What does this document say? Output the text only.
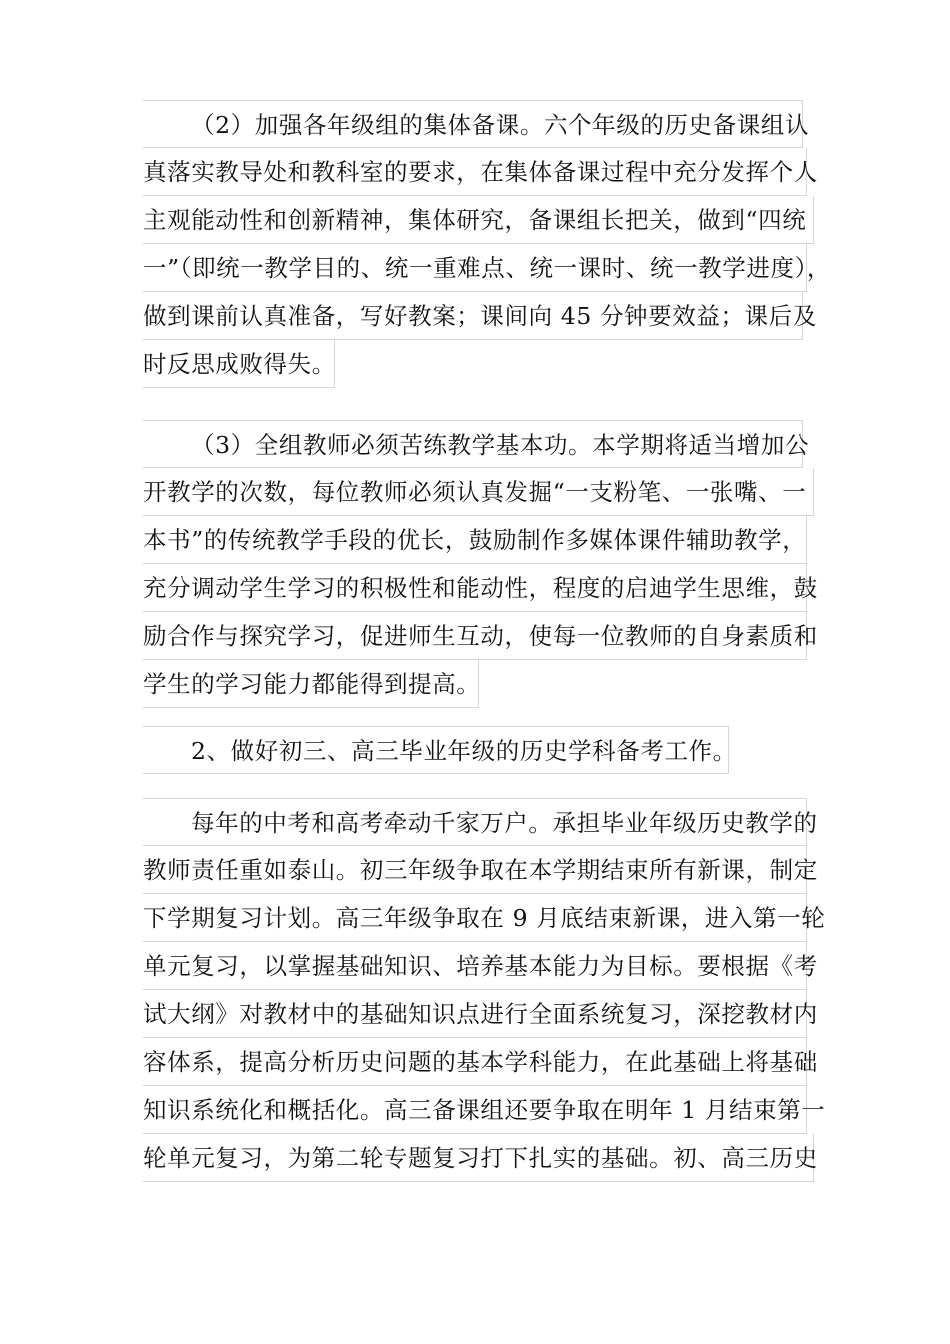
（2）加强各年级组的集体备课。六个年级的历史备课组认
真落实教导处和教科室的要求，在集体备课过程中充分发挥个人
主观能动性和创新精神，集体研究，备课组长把关，做到“四统
一”（即统一教学目的、统一重难点、统一课时、统一教学进度），
做到课前认真准备，写好教案；课间向 45 分钟要效益；课后及
时反思成败得失。
（3）全组教师必须苦练教学基本功。本学期将适当增加公
开教学的次数，每位教师必须认真发掘“一支粉笔、一张嘴、一
本书”的传统教学手段的优长，鼓励制作多媒体课件辅助教学，
充分调动学生学习的积极性和能动性，程度的启迪学生思维，鼓
励合作与探究学习，促进师生互动，使每一位教师的自身素质和
学生的学习能力都能得到提高。
2、做好初三、高三毕业年级的历史学科备考工作。
每年的中考和高考牵动千家万户。承担毕业年级历史教学的
教师责任重如泰山。初三年级争取在本学期结束所有新课，制定
下学期复习计划。高三年级争取在 9 月底结束新课，进入第一轮
单元复习，以掌握基础知识、培养基本能力为目标。要根据《考
试大纲》对教材中的基础知识点进行全面系统复习，深挖教材内
容体系，提高分析历史问题的基本学科能力，在此基础上将基础
知识系统化和概括化。高三备课组还要争取在明年 1 月结束第一
轮单元复习，为第二轮专题复习打下扎实的基础。初、高三历史
